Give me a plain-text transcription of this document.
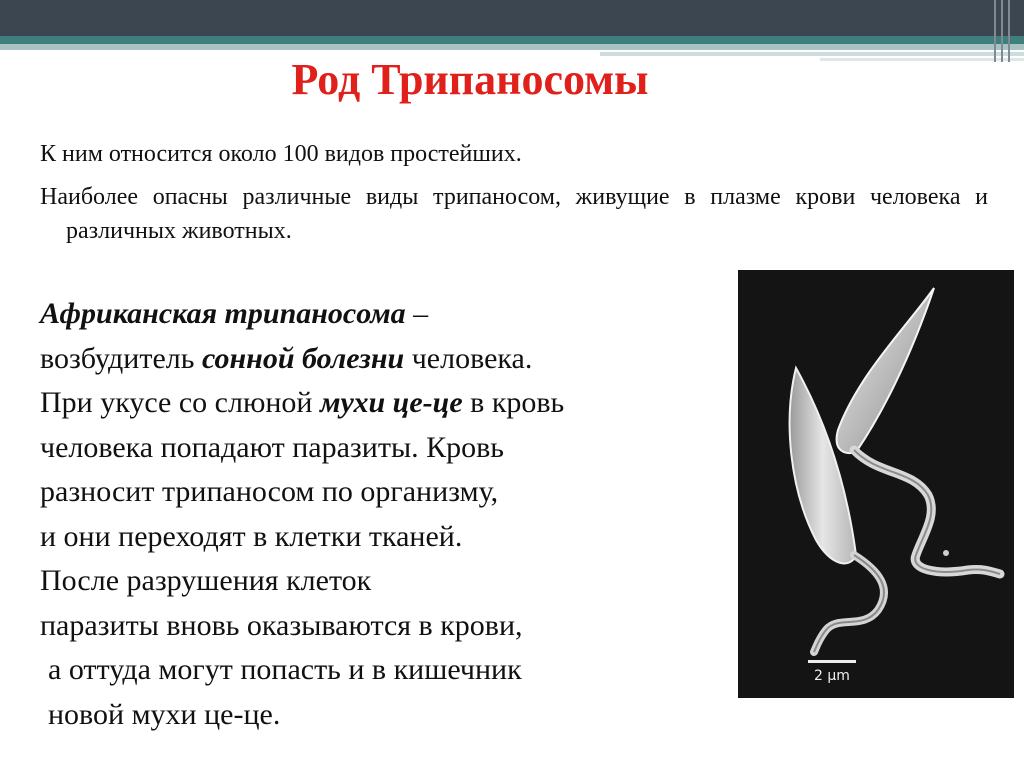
Род Трипаносомы
К ним относится около 100 видов простейших.
Наиболее опасны различные виды трипаносом, живущие в плазме крови человека и различных животных.
Африканская трипаноcома –
возбудитель сонной болезни человека.
При укусе со слюной мухи це-це в кровь
человека попадают паразиты. Кровь
разносит трипаносом по организму,
и они переходят в клетки тканей.
После разрушения клеток
паразиты вновь оказываются в крови,
а оттуда могут попасть и в кишечник
новой мухи це-це.
2 μm
